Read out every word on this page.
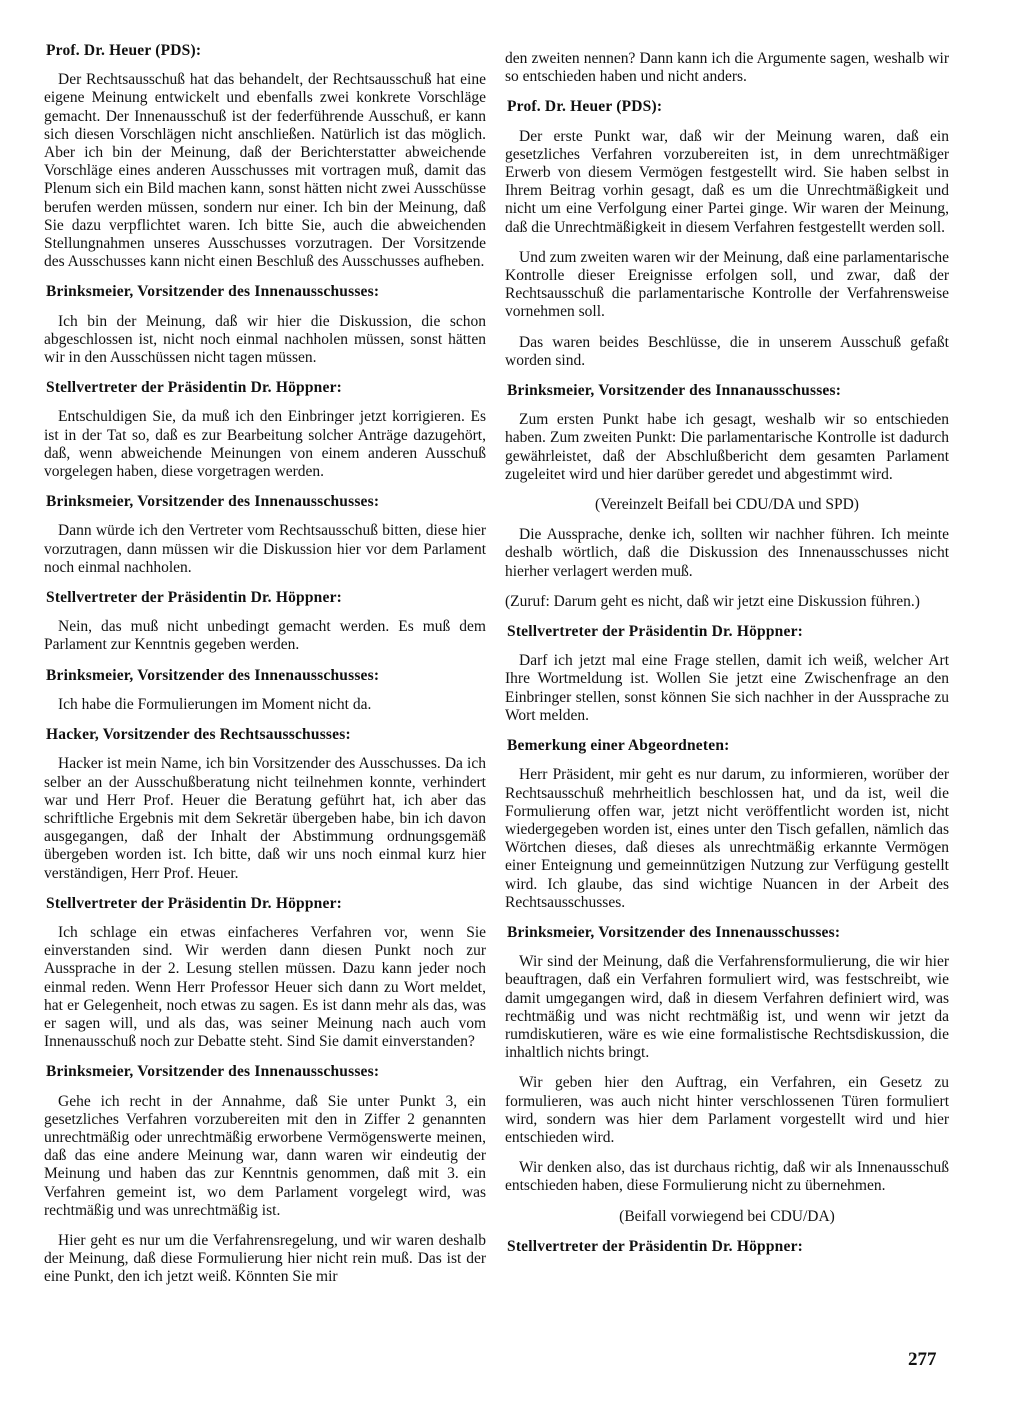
Prof. Dr. Heuer (PDS):
Der Rechtsausschuß hat das behandelt, der Rechtsausschuß hat eine eigene Meinung entwickelt und ebenfalls zwei konkrete Vorschläge gemacht. Der Innenausschuß ist der federführende Ausschuß, er kann sich diesen Vorschlägen nicht anschließen. Natürlich ist das möglich. Aber ich bin der Meinung, daß der Berichterstatter abweichende Vorschläge eines anderen Ausschusses mit vortragen muß, damit das Plenum sich ein Bild machen kann, sonst hätten nicht zwei Ausschüsse berufen werden müssen, sondern nur einer. Ich bin der Meinung, daß Sie dazu verpflichtet waren. Ich bitte Sie, auch die abweichenden Stellungnahmen unseres Ausschusses vorzutragen. Der Vorsitzende des Ausschusses kann nicht einen Beschluß des Ausschusses aufheben.
Brinksmeier, Vorsitzender des Innenausschusses:
Ich bin der Meinung, daß wir hier die Diskussion, die schon abgeschlossen ist, nicht noch einmal nachholen müssen, sonst hätten wir in den Ausschüssen nicht tagen müssen.
Stellvertreter der Präsidentin Dr. Höppner:
Entschuldigen Sie, da muß ich den Einbringer jetzt korrigieren. Es ist in der Tat so, daß es zur Bearbeitung solcher Anträge dazugehört, daß, wenn abweichende Meinungen von einem anderen Ausschuß vorgelegen haben, diese vorgetragen werden.
Brinksmeier, Vorsitzender des Innenausschusses:
Dann würde ich den Vertreter vom Rechtsausschuß bitten, diese hier vorzutragen, dann müssen wir die Diskussion hier vor dem Parlament noch einmal nachholen.
Stellvertreter der Präsidentin Dr. Höppner:
Nein, das muß nicht unbedingt gemacht werden. Es muß dem Parlament zur Kenntnis gegeben werden.
Brinksmeier, Vorsitzender des Innenausschusses:
Ich habe die Formulierungen im Moment nicht da.
Hacker, Vorsitzender des Rechtsausschusses:
Hacker ist mein Name, ich bin Vorsitzender des Ausschusses. Da ich selber an der Ausschußberatung nicht teilnehmen konnte, verhindert war und Herr Prof. Heuer die Beratung geführt hat, ich aber das schriftliche Ergebnis mit dem Sekretär übergeben habe, bin ich davon ausgegangen, daß der Inhalt der Abstimmung ordnungsgemäß übergeben worden ist. Ich bitte, daß wir uns noch einmal kurz hier verständigen, Herr Prof. Heuer.
Stellvertreter der Präsidentin Dr. Höppner:
Ich schlage ein etwas einfacheres Verfahren vor, wenn Sie einverstanden sind. Wir werden dann diesen Punkt noch zur Aussprache in der 2. Lesung stellen müssen. Dazu kann jeder noch einmal reden. Wenn Herr Professor Heuer sich dann zu Wort meldet, hat er Gelegenheit, noch etwas zu sagen. Es ist dann mehr als das, was er sagen will, und als das, was seiner Meinung nach auch vom Innenausschuß noch zur Debatte steht. Sind Sie damit einverstanden?
Brinksmeier, Vorsitzender des Innenausschusses:
Gehe ich recht in der Annahme, daß Sie unter Punkt 3, ein gesetzliches Verfahren vorzubereiten mit den in Ziffer 2 genannten unrechtmäßig oder unrechtmäßig erworbene Vermögenswerte meinen, daß das eine andere Meinung war, dann waren wir eindeutig der Meinung und haben das zur Kenntnis genommen, daß mit 3. ein Verfahren gemeint ist, wo dem Parlament vorgelegt wird, was rechtmäßig und was unrechtmäßig ist.
Hier geht es nur um die Verfahrensregelung, und wir waren deshalb der Meinung, daß diese Formulierung hier nicht rein muß. Das ist der eine Punkt, den ich jetzt weiß. Könnten Sie mir
den zweiten nennen? Dann kann ich die Argumente sagen, weshalb wir so entschieden haben und nicht anders.
Prof. Dr. Heuer (PDS):
Der erste Punkt war, daß wir der Meinung waren, daß ein gesetzliches Verfahren vorzubereiten ist, in dem unrechtmäßiger Erwerb von diesem Vermögen festgestellt wird. Sie haben selbst in Ihrem Beitrag vorhin gesagt, daß es um die Unrechtmäßigkeit und nicht um eine Verfolgung einer Partei ginge. Wir waren der Meinung, daß die Unrechtmäßigkeit in diesem Verfahren festgestellt werden soll.
Und zum zweiten waren wir der Meinung, daß eine parlamentarische Kontrolle dieser Ereignisse erfolgen soll, und zwar, daß der Rechtsausschuß die parlamentarische Kontrolle der Verfahrensweise vornehmen soll.
Das waren beides Beschlüsse, die in unserem Ausschuß gefaßt worden sind.
Brinksmeier, Vorsitzender des Innanausschusses:
Zum ersten Punkt habe ich gesagt, weshalb wir so entschieden haben. Zum zweiten Punkt: Die parlamentarische Kontrolle ist dadurch gewährleistet, daß der Abschlußbericht dem gesamten Parlament zugeleitet wird und hier darüber geredet und abgestimmt wird.
(Vereinzelt Beifall bei CDU/DA und SPD)
Die Aussprache, denke ich, sollten wir nachher führen. Ich meinte deshalb wörtlich, daß die Diskussion des Innenausschusses nicht hierher verlagert werden muß.
(Zuruf: Darum geht es nicht, daß wir jetzt eine Diskussion führen.)
Stellvertreter der Präsidentin Dr. Höppner:
Darf ich jetzt mal eine Frage stellen, damit ich weiß, welcher Art Ihre Wortmeldung ist. Wollen Sie jetzt eine Zwischenfrage an den Einbringer stellen, sonst können Sie sich nachher in der Aussprache zu Wort melden.
Bemerkung einer Abgeordneten:
Herr Präsident, mir geht es nur darum, zu informieren, worüber der Rechtsausschuß mehrheitlich beschlossen hat, und da ist, weil die Formulierung offen war, jetzt nicht veröffentlicht worden ist, nicht wiedergegeben worden ist, eines unter den Tisch gefallen, nämlich das Wörtchen dieses, daß dieses als unrechtmäßig erkannte Vermögen einer Enteignung und gemeinnützigen Nutzung zur Verfügung gestellt wird. Ich glaube, das sind wichtige Nuancen in der Arbeit des Rechtsausschusses.
Brinksmeier, Vorsitzender des Innenausschusses:
Wir sind der Meinung, daß die Verfahrensformulierung, die wir hier beauftragen, daß ein Verfahren formuliert wird, was festschreibt, wie damit umgegangen wird, daß in diesem Verfahren definiert wird, was rechtmäßig und was nicht rechtmäßig ist, und wenn wir jetzt da rumdiskutieren, wäre es wie eine formalistische Rechtsdiskussion, die inhaltlich nichts bringt.
Wir geben hier den Auftrag, ein Verfahren, ein Gesetz zu formulieren, was auch nicht hinter verschlossenen Türen formuliert wird, sondern was hier dem Parlament vorgestellt wird und hier entschieden wird.
Wir denken also, das ist durchaus richtig, daß wir als Innenausschuß entschieden haben, diese Formulierung nicht zu übernehmen.
(Beifall vorwiegend bei CDU/DA)
Stellvertreter der Präsidentin Dr. Höppner:
277
